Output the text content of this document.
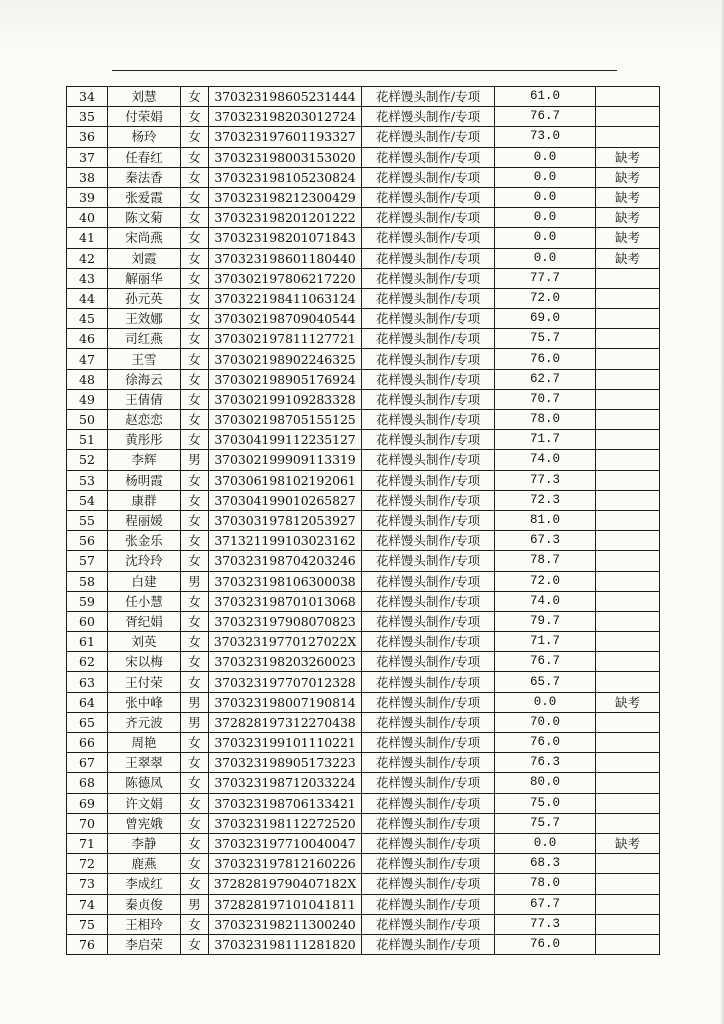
34	刘慧	女	370323198605231444	花样馒头制作/专项	61.0	
35	付荣娟	女	370323198203012724	花样馒头制作/专项	76.7	
36	杨玲	女	370323197601193327	花样馒头制作/专项	73.0	
37	任春红	女	370323198003153020	花样馒头制作/专项	0.0	缺考
38	秦法香	女	370323198105230824	花样馒头制作/专项	0.0	缺考
39	张爱霞	女	370323198212300429	花样馒头制作/专项	0.0	缺考
40	陈文菊	女	370323198201201222	花样馒头制作/专项	0.0	缺考
41	宋尚燕	女	370323198201071843	花样馒头制作/专项	0.0	缺考
42	刘霞	女	370323198601180440	花样馒头制作/专项	0.0	缺考
43	解丽华	女	370302197806217220	花样馒头制作/专项	77.7	
44	孙元英	女	370322198411063124	花样馒头制作/专项	72.0	
45	王效娜	女	370302198709040544	花样馒头制作/专项	69.0	
46	司红燕	女	370302197811127721	花样馒头制作/专项	75.7	
47	王雪	女	370302198902246325	花样馒头制作/专项	76.0	
48	徐海云	女	370302198905176924	花样馒头制作/专项	62.7	
49	王倩倩	女	370302199109283328	花样馒头制作/专项	70.7	
50	赵恋恋	女	370302198705155125	花样馒头制作/专项	78.0	
51	黄彤彤	女	370304199112235127	花样馒头制作/专项	71.7	
52	李辉	男	370302199909113319	花样馒头制作/专项	74.0	
53	杨明霞	女	370306198102192061	花样馒头制作/专项	77.3	
54	康群	女	370304199010265827	花样馒头制作/专项	72.3	
55	程丽媛	女	370303197812053927	花样馒头制作/专项	81.0	
56	张金乐	女	371321199103023162	花样馒头制作/专项	67.3	
57	沈玲玲	女	370323198704203246	花样馒头制作/专项	78.7	
58	白建	男	370323198106300038	花样馒头制作/专项	72.0	
59	任小慧	女	370323198701013068	花样馒头制作/专项	74.0	
60	胥纪娟	女	370323197908070823	花样馒头制作/专项	79.7	
61	刘英	女	37032319770127022X	花样馒头制作/专项	71.7	
62	宋以梅	女	370323198203260023	花样馒头制作/专项	76.7	
63	王付荣	女	370323197707012328	花样馒头制作/专项	65.7	
64	张中峰	男	370323198007190814	花样馒头制作/专项	0.0	缺考
65	齐元波	男	372828197312270438	花样馒头制作/专项	70.0	
66	周艳	女	370323199101110221	花样馒头制作/专项	76.0	
67	王翠翠	女	370323198905173223	花样馒头制作/专项	76.3	
68	陈德凤	女	370323198712033224	花样馒头制作/专项	80.0	
69	许文娟	女	370323198706133421	花样馒头制作/专项	75.0	
70	曾宪娥	女	370323198112272520	花样馒头制作/专项	75.7	
71	李静	女	370323197710040047	花样馒头制作/专项	0.0	缺考
72	鹿燕	女	370323197812160226	花样馒头制作/专项	68.3	
73	李成红	女	37282819790407182X	花样馒头制作/专项	78.0	
74	秦贞俊	男	372828197101041811	花样馒头制作/专项	67.7	
75	王相玲	女	370323198211300240	花样馒头制作/专项	77.3	
76	李启荣	女	370323198111281820	花样馒头制作/专项	76.0	
